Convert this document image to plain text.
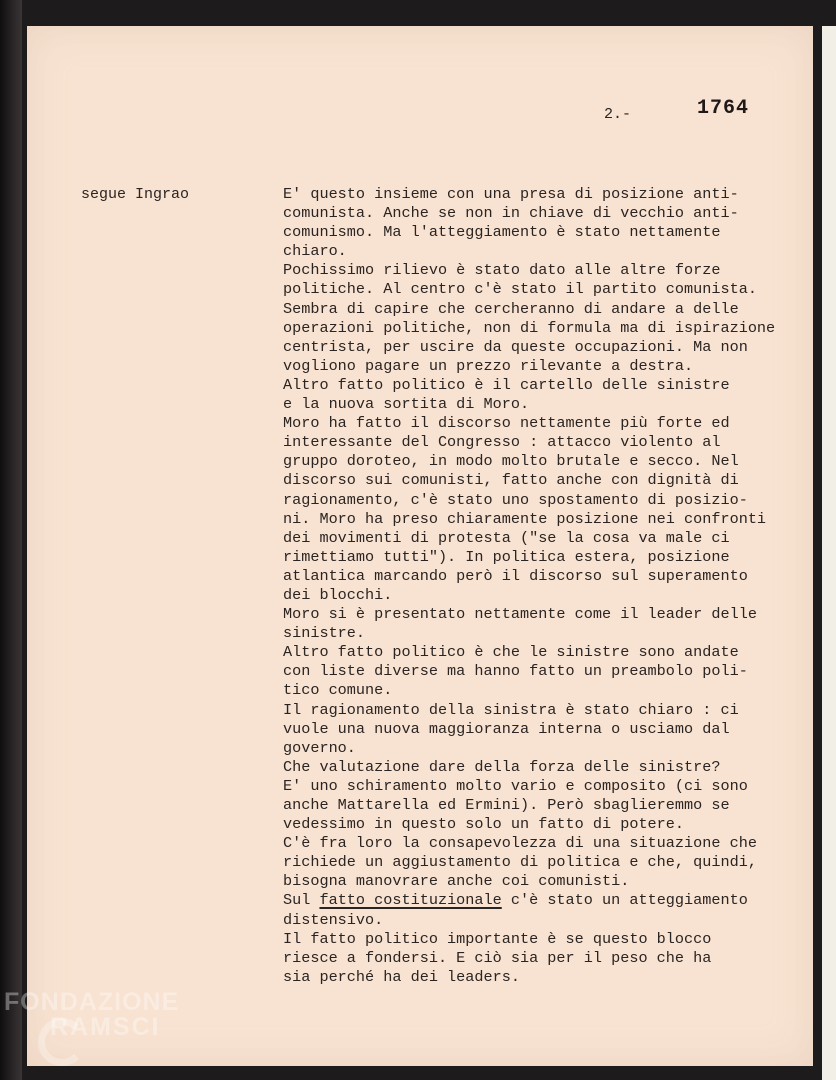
2.-	1764
segue Ingrao	E' questo insieme con una presa di posizione anti-
comunista. Anche se non in chiave di vecchio anti-
comunismo. Ma l'atteggiamento è stato nettamente
chiaro.
Pochissimo rilievo è stato dato alle altre forze
politiche. Al centro c'è stato il partito comunista.
Sembra di capire che cercheranno di andare a delle
operazioni politiche, non di formula ma di ispirazione
centrista, per uscire da queste occupazioni. Ma non
vogliono pagare un prezzo rilevante a destra.
Altro fatto politico è il cartello delle sinistre
e la nuova sortita di Moro.
Moro ha fatto il discorso nettamente più forte ed
interessante del Congresso : attacco violento al
gruppo doroteo, in modo molto brutale e secco. Nel
discorso sui comunisti, fatto anche con dignità di
ragionamento, c'è stato uno spostamento di posizio-
ni. Moro ha preso chiaramente posizione nei confronti
dei movimenti di protesta ("se la cosa va male ci
rimettiamo tutti"). In politica estera, posizione
atlantica marcando però il discorso sul superamento
dei blocchi.
Moro si è presentato nettamente come il leader delle
sinistre.
Altro fatto politico è che le sinistre sono andate
con liste diverse ma hanno fatto un preambolo poli-
tico comune.
Il ragionamento della sinistra è stato chiaro : ci
vuole una nuova maggioranza interna o usciamo dal
governo.
Che valutazione dare della forza delle sinistre?
E' uno schiramento molto vario e composito (ci sono
anche Mattarella ed Ermini). Però sbaglieremmo se
vedessimo in questo solo un fatto di potere.
C'è fra loro la consapevolezza di una situazione che
richiede un aggiustamento di politica e che, quindi,
bisogna manovrare anche coi comunisti.
Sul fatto costituzionale c'è stato un atteggiamento
distensivo.
Il fatto politico importante è se questo blocco
riesce a fondersi. E ciò sia per il peso che ha
sia perché ha dei leaders.
FONDAZIONE
RAMSCI
